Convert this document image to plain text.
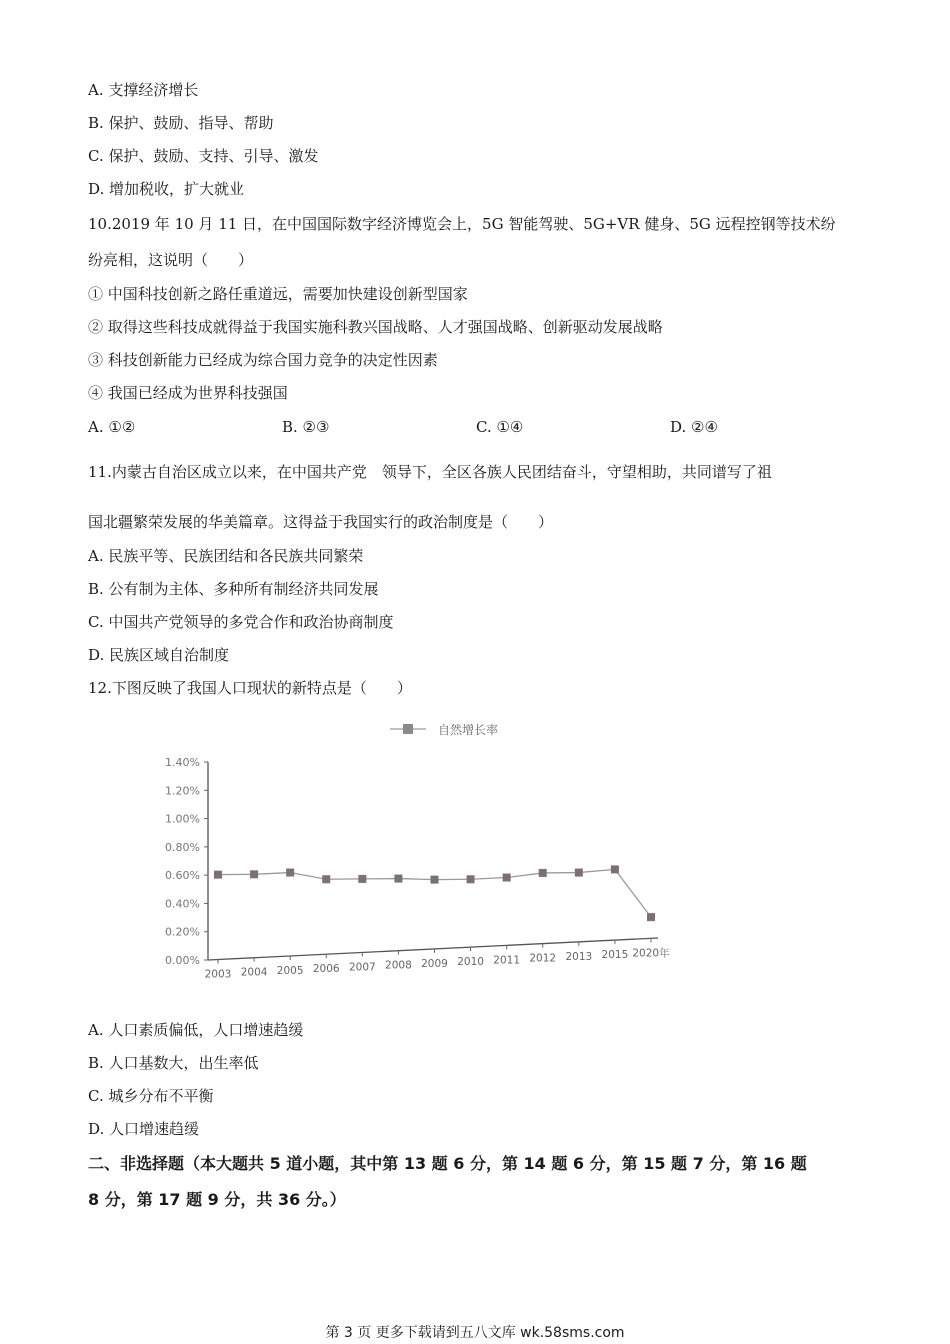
A. 支撑经济增长
B. 保护、鼓励、指导、帮助
C. 保护、鼓励、支持、引导、激发
D. 增加税收，扩大就业
10.2019 年 10 月 11 日，在中国国际数字经济博览会上，5G 智能驾驶、5G+VR 健身、5G 远程控钢等技术纷
纷亮相，这说明（　　）
① 中国科技创新之路任重道远，需要加快建设创新型国家
② 取得这些科技成就得益于我国实施科教兴国战略、人才强国战略、创新驱动发展战略
③ 科技创新能力已经成为综合国力竞争的决定性因素
④ 我国已经成为世界科技强国
A. ①②	B. ②③	C. ①④	D. ②④
11.内蒙古自治区成立以来，在中国共产党　领导下，全区各族人民团结奋斗，守望相助，共同谱写了祖
国北疆繁荣发展的华美篇章。这得益于我国实行的政治制度是（　　）
A. 民族平等、民族团结和各民族共同繁荣
B. 公有制为主体、多种所有制经济共同发展
C. 中国共产党领导的多党合作和政治协商制度
D. 民族区域自治制度
12.下图反映了我国人口现状的新特点是（　　）
自然增长率
1.40%
1.20%
1.00%
0.80%
0.60%
0.40%
0.20%
0.00%
2003 2004 2005 2006 2007 2008 2009 2010 2011 2012 2013 2015 2020年
A. 人口素质偏低，人口增速趋缓
B. 人口基数大，出生率低
C. 城乡分布不平衡
D. 人口增速趋缓
二、非选择题（本大题共 5 道小题，其中第 13 题 6 分，第 14 题 6 分，第 15 题 7 分，第 16 题
8 分，第 17 题 9 分，共 36 分。）
第 3 页 更多下载请到五八文库 wk.58sms.com
